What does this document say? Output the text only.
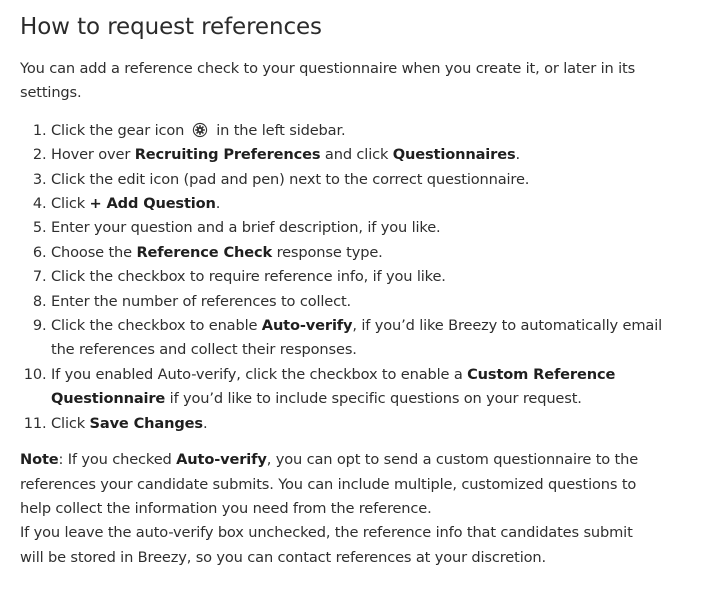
How to request references

You can add a reference check to your questionnaire when you create it, or later in its settings.

1. Click the gear icon in the left sidebar.
2. Hover over Recruiting Preferences and click Questionnaires.
3. Click the edit icon (pad and pen) next to the correct questionnaire.
4. Click + Add Question.
5. Enter your question and a brief description, if you like.
6. Choose the Reference Check response type.
7. Click the checkbox to require reference info, if you like.
8. Enter the number of references to collect.
9. Click the checkbox to enable Auto-verify, if you’d like Breezy to automatically email the references and collect their responses.
10. If you enabled Auto-verify, click the checkbox to enable a Custom Reference Questionnaire if you’d like to include specific questions on your request.
11. Click Save Changes.

Note: If you checked Auto-verify, you can opt to send a custom questionnaire to the references your candidate submits. You can include multiple, customized questions to help collect the information you need from the reference.

If you leave the auto-verify box unchecked, the reference info that candidates submit will be stored in Breezy, so you can contact references at your discretion.
